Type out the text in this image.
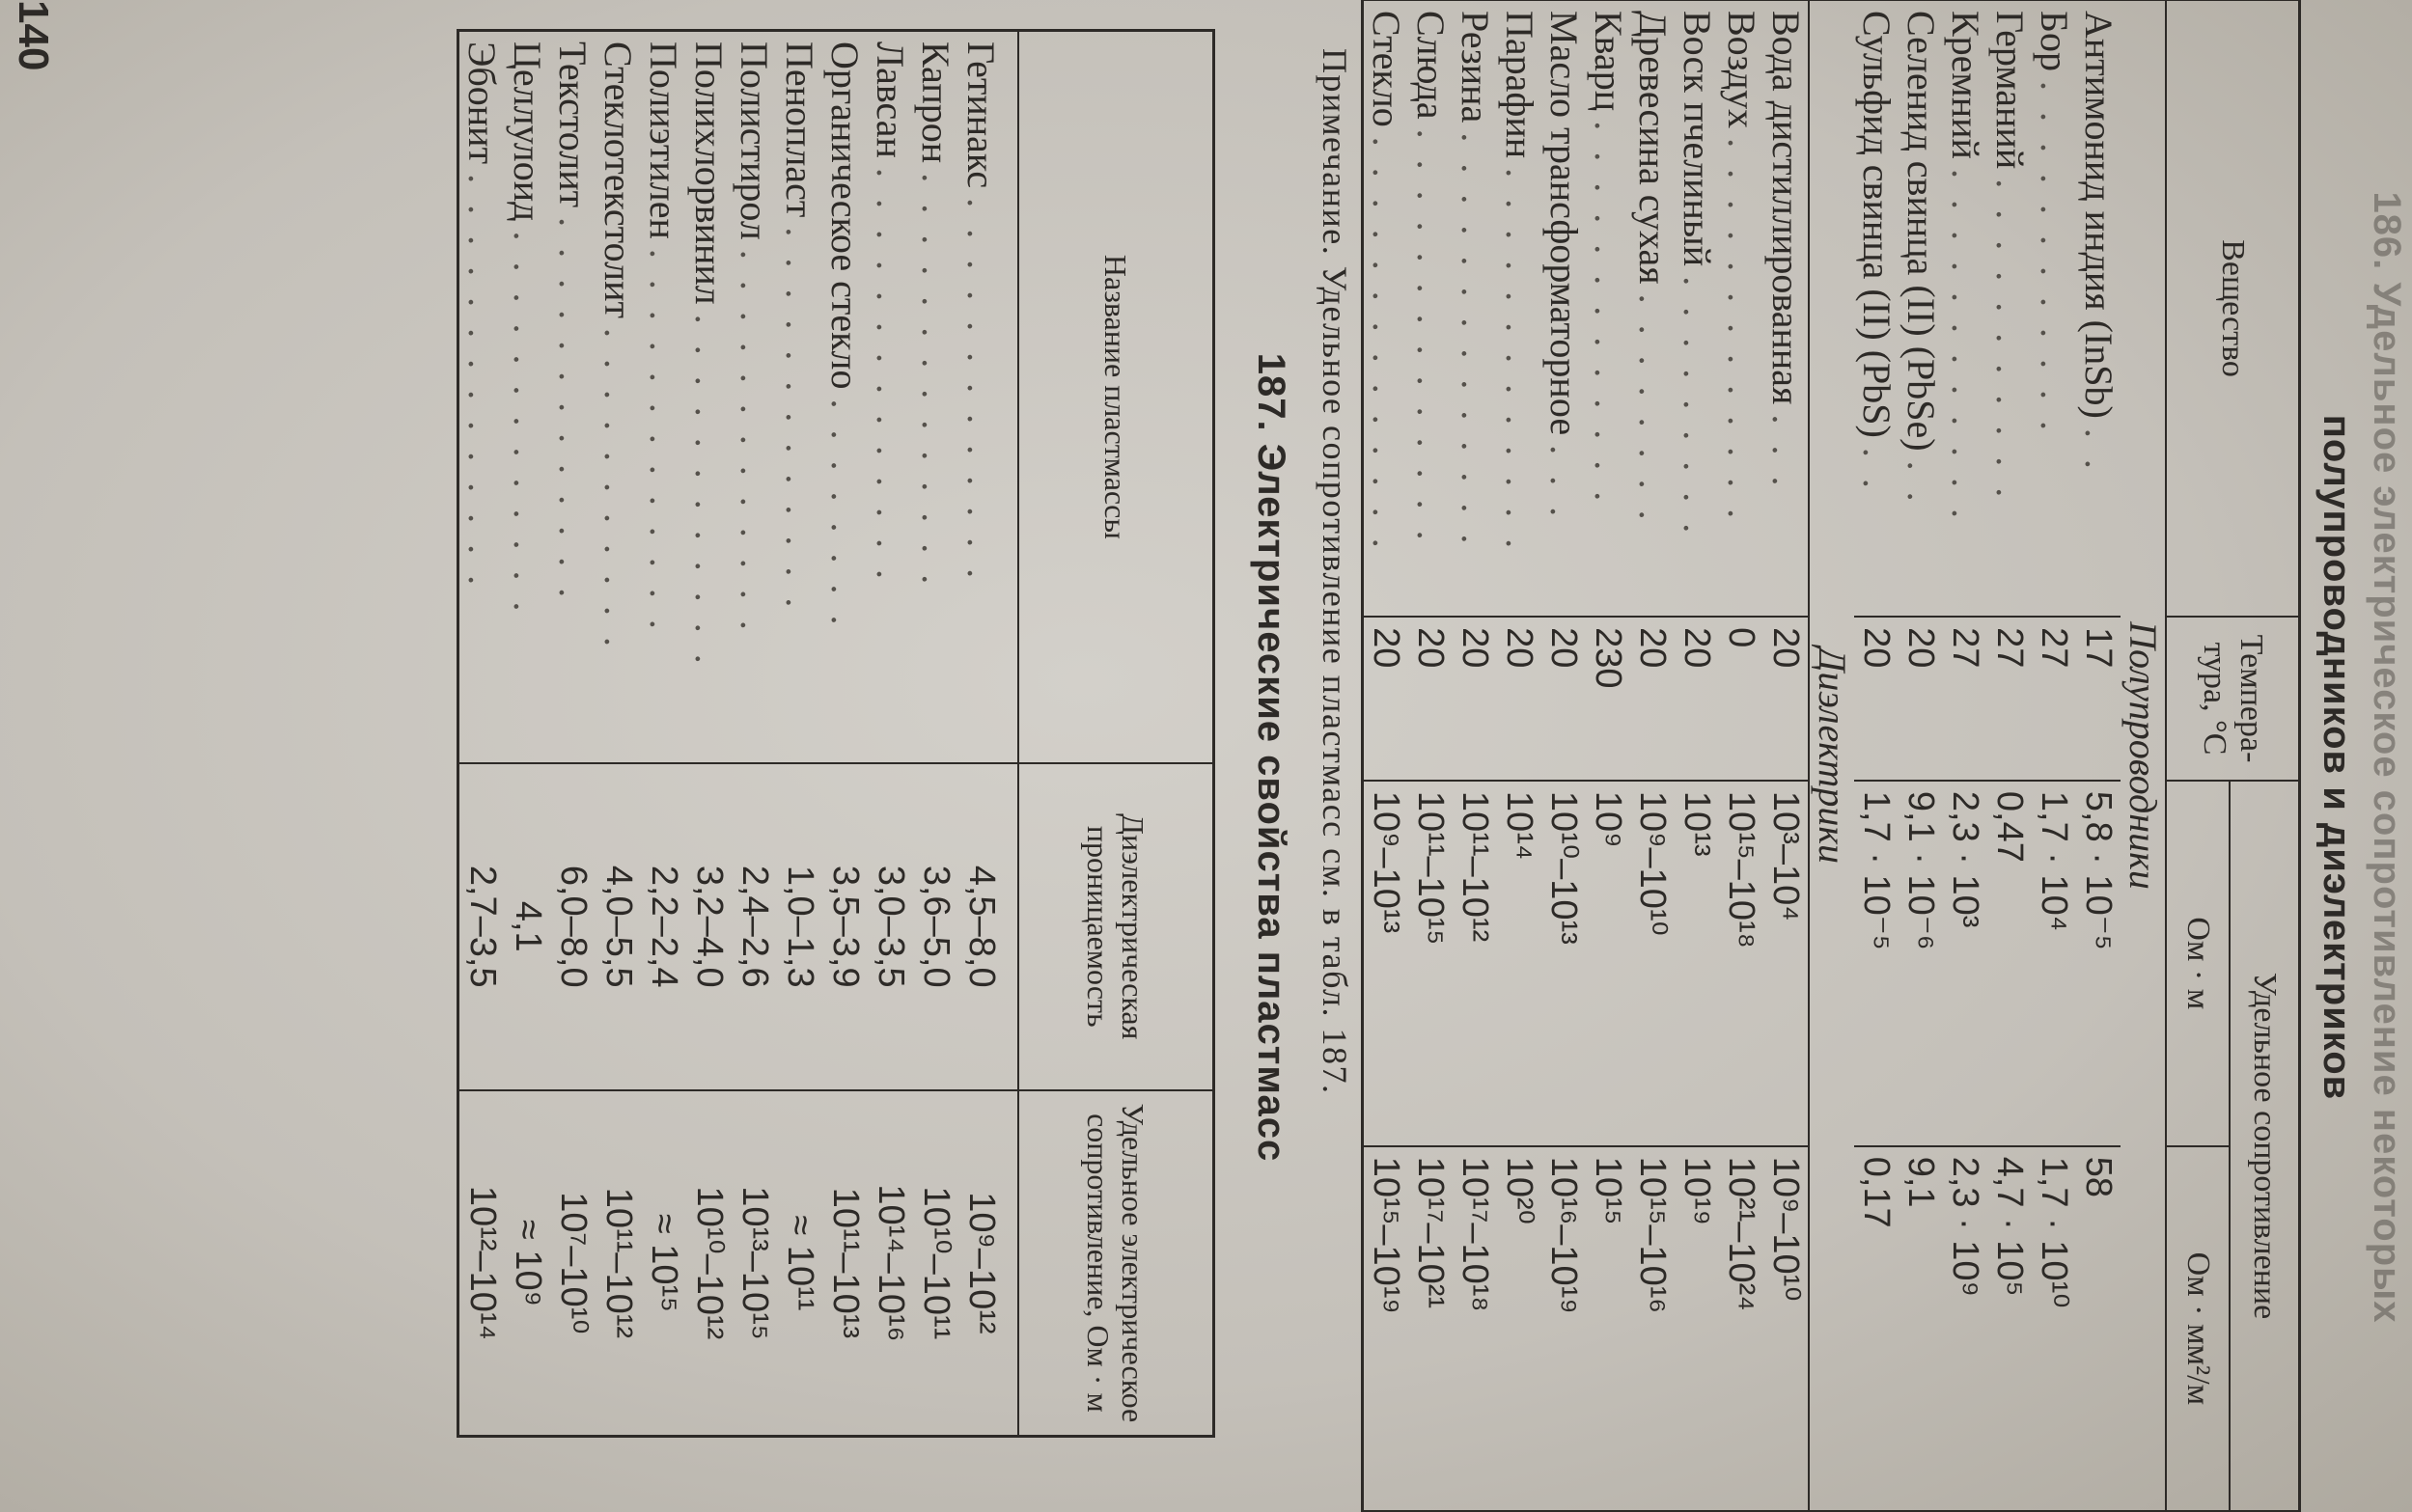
186. Удельное электрическое сопротивление некоторых
полупроводников и диэлектриков
Вещество	Темпера-тура, °C	Удельное сопротивление	
		Ом · м	Ом · мм²/м
Полупроводники			
Антимонид индия (InSb) . .	17	5,8 · 10⁻⁵	58
Бор . . . . . . . . . . . .	27	1,7 · 10⁴	1,7 · 10¹⁰
Германий . . . . . . . . . . .	27	0,47	4,7 · 10⁵
Кремний . . . . . . . . . . . .	27	2,3 · 10³	2,3 · 10⁹
Селенид свинца (II) (PbSe) . .	20	9,1 · 10⁻⁶	9,1
Сульфид свинца (II) (PbS) . .	20	1,7 · 10⁻⁵	0,17
Диэлектрики			
Вода дистиллированная . . .	20	10³–10⁴	10⁹–10¹⁰
Воздух . . . . . . . . . . . . .	0	10¹⁵–10¹⁸	10²¹–10²⁴
Воск пчелиный . . . . . . . . .	20	10¹³	10¹⁹
Древесина сухая . . . . . . . .	20	10⁹–10¹⁰	10¹⁵–10¹⁶
Кварц . . . . . . . . . . . . .	230	10⁹	10¹⁵
Масло трансформаторное . . .	20	10¹⁰–10¹³	10¹⁶–10¹⁹
Парафин . . . . . . . . . . . . .	20	10¹⁴	10²⁰
Резина . . . . . . . . . . . . . .	20	10¹¹–10¹²	10¹⁷–10¹⁸
Слюда . . . . . . . . . . . . . .	20	10¹¹–10¹⁵	10¹⁷–10²¹
Стекло . . . . . . . . . . . . . .	20	10⁹–10¹³	10¹⁵–10¹⁹
Примечание. Удельное сопротивление пластмасс см. в табл. 187.
187. Электрические свойства пластмасс
Название пластмассы	Диэлектрическая проницаемость	Удельное электрическое сопротивление, Ом · м
Гетинакс . . . . . . . . . . . . .	4,5–8,0	10⁹–10¹²
Капрон . . . . . . . . . . . . . .	3,6–5,0	10¹⁰–10¹¹
Лавсан . . . . . . . . . . . . . .	3,0–3,5	10¹⁴–10¹⁶
Органическое стекло . . . . . . . .	3,5–3,9	10¹¹–10¹³
Пенопласт . . . . . . . . . . . . .	1,0–1,3	≈ 10¹¹
Полистирол . . . . . . . . . . . . .	2,4–2,6	10¹³–10¹⁵
Полихлорвинил . . . . . . . . . . . .	3,2–4,0	10¹⁰–10¹²
Полиэтилен . . . . . . . . . . . . .	2,2–2,4	≈ 10¹⁵
Стеклотекстолит . . . . . . . . . . .	4,0–5,5	10¹¹–10¹²
Текстолит . . . . . . . . . . . . .	6,0–8,0	10⁷–10¹⁰
Целлулоид . . . . . . . . . . . . .	4,1	≈ 10⁹
Эбонит . . . . . . . . . . . . . .	2,7–3,5	10¹²–10¹⁴
140
